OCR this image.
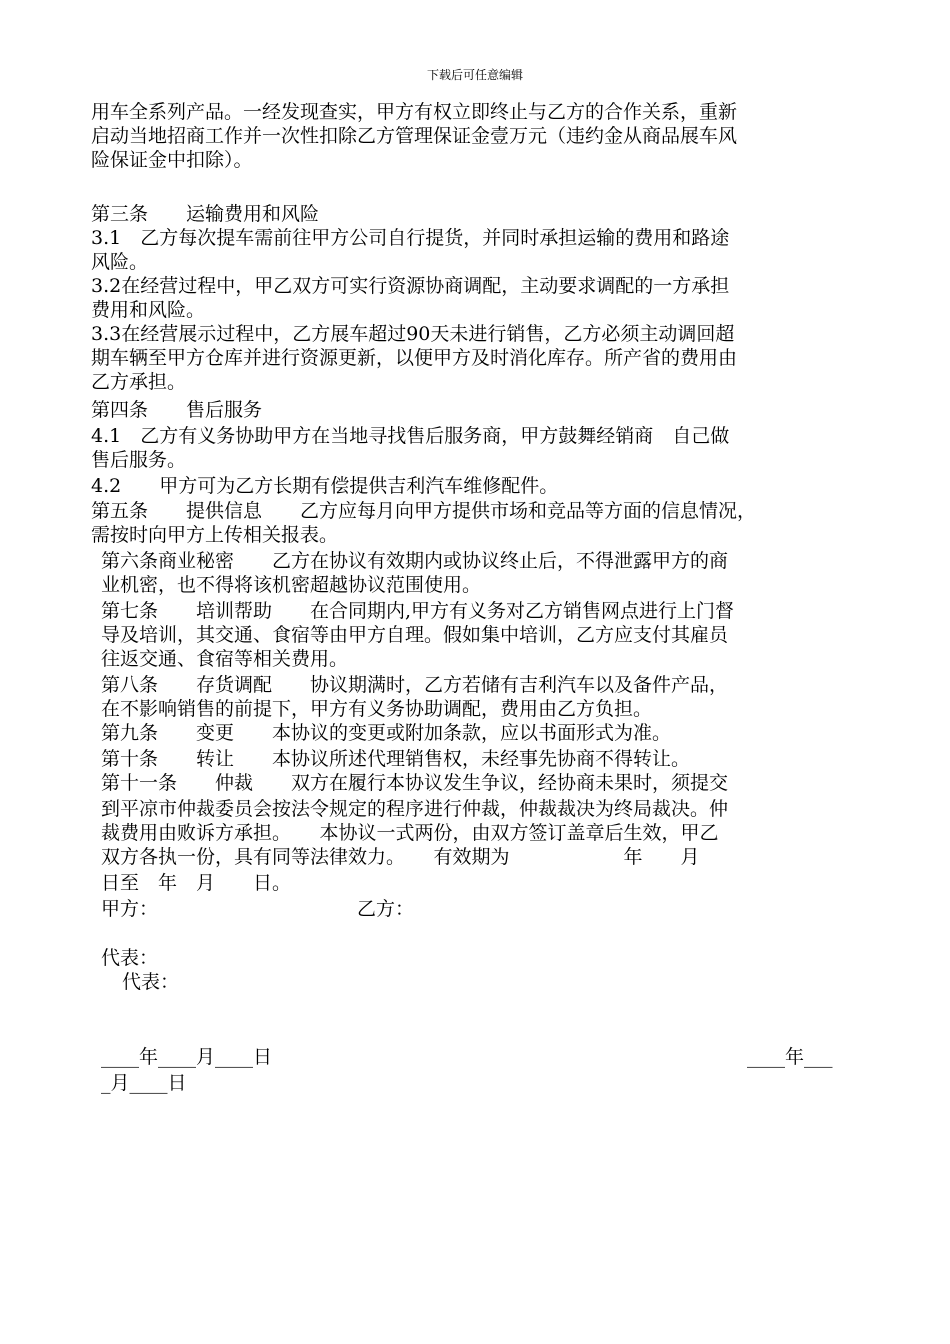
下载后可任意编辑
用车全系列产品。一经发现查实，甲方有权立即终止与乙方的合作关系，重新
启动当地招商工作并一次性扣除乙方管理保证金壹万元（违约金从商品展车风
险保证金中扣除）。
第三条　　运输费用和风险
3.1　乙方每次提车需前往甲方公司自行提货，并同时承担运输的费用和路途
风险。
3.2在经营过程中，甲乙双方可实行资源协商调配，主动要求调配的一方承担
费用和风险。
3.3在经营展示过程中，乙方展车超过90天未进行销售，乙方必须主动调回超
期车辆至甲方仓库并进行资源更新，以便甲方及时消化库存。所产省的费用由
乙方承担。
第四条　　售后服务
4.1　乙方有义务协助甲方在当地寻找售后服务商，甲方鼓舞经销商　自己做
售后服务。
4.2　　甲方可为乙方长期有偿提供吉利汽车维修配件。
第五条　　提供信息　　乙方应每月向甲方提供市场和竞品等方面的信息情况，
需按时向甲方上传相关报表。
第六条商业秘密　　乙方在协议有效期内或协议终止后，不得泄露甲方的商
业机密，也不得将该机密超越协议范围使用。
第七条　　培训帮助　　在合同期内,甲方有义务对乙方销售网点进行上门督
导及培训，其交通、食宿等由甲方自理。假如集中培训，乙方应支付其雇员
往返交通、食宿等相关费用。
第八条　　存货调配　　协议期满时，乙方若储有吉利汽车以及备件产品，
在不影响销售的前提下，甲方有义务协助调配，费用由乙方负担。
第九条　　变更　　本协议的变更或附加条款，应以书面形式为准。
第十条　　转让　　本协议所述代理销售权，未经事先协商不得转让。
第十一条　　仲裁　　双方在履行本协议发生争议，经协商未果时，须提交
到平凉市仲裁委员会按法令规定的程序进行仲裁，仲裁裁决为终局裁决。仲
裁费用由败诉方承担。　　本协议一式两份，由双方签订盖章后生效，甲乙
双方各执一份，具有同等法律效力。　　有效期为　　　　　　年　　月
日至　年　月　　日。
甲方：	乙方：
代表：
代表：
____年____月____日	____年___
_月____日
